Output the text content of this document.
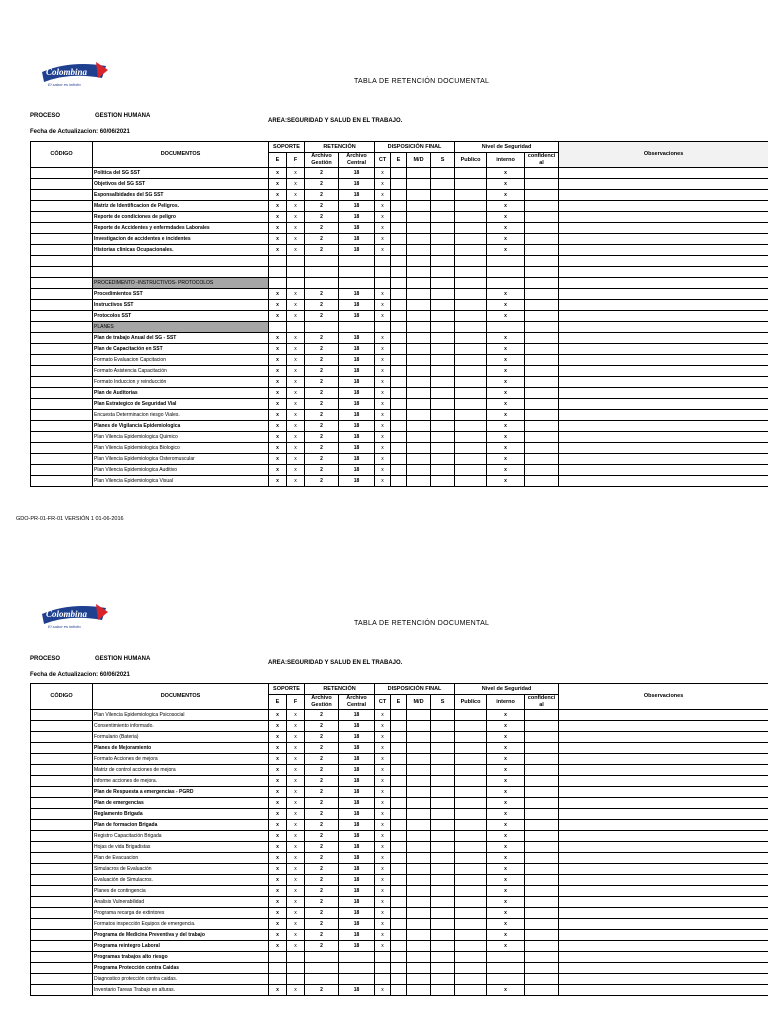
Colombina
El sabor es infinito	TABLA DE RETENCIÓN DOCUMENTAL
PROCESO	GESTION HUMANA
AREA:SEGURIDAD Y SALUD EN EL TRABAJO.
Fecha de Actualizacion: 60/06/2021
CÓDIGO	DOCUMENTOS	SOPORTE		RETENCIÓN		DISPOSICIÓN FINAL				Nivel de Seguridad			Observaciones
		E	F	Archivo Gestión	Archivo Central	CT	E	M/D	S	Publico	interno	confidenci al	
	Politica del SG SST	x	x	2	18	x					x		
	Objetivos del SG SST	x	x	2	18	x					x		
	Esponsalbidades del SG SST	x	x	2	18	x					x		
	Matriz de Identificacion de Peligros.	x	x	2	18	x					x		
	Reporte de condiciones de peligro	x	x	2	18	x					x		
	Reporte de Accidentes y enfermdades Laborales	x	x	2	18	x					x		
	Investigacion de accidentes e incidentes	x	x	2	18	x					x		
	Historias clinicas Ocupacionales.	x	x	2	18	x					x		

	PROCEDIMENTO -INSTRUCTIVOS- PROTOCOLOS												
	Procedimientos SST	x	x	2	18	x					x		
	Instructivos SST	x	x	2	18	x					x		
	Protocolos SST	x	x	2	18	x					x		
	PLANES												
	Plan de trabajo Anual del SG - SST	x	x	2	18	x					x		
	Plan de Capacitación en SST	x	x	2	18	x					x		
	Formato Evaluacion Capcitacion	x	x	2	18	x					x		
	Formato Asistencia Capacitación	x	x	2	18	x					x		
	Formato Induccion y reinducción	x	x	2	18	x					x		
	Plan de Auditorias	x	x	2	18	x					x		
	Plan Estrategico de Seguridad Vial	x	x	2	18	x					x		
	Encuesta Determinacion riesgo Viales.	x	x	2	18	x					x		
	Planes de Vigilancia Epidemiologica	x	x	2	18	x					x		
	Plan Vilencia Epidemiologica Quimico	x	x	2	18	x					x		
	Plan Vilencia Epidemiologica Biologico	x	x	2	18	x					x		
	Plan Vilencia Epidemiologica Osteromuscular	x	x	2	18	x					x		
	Plan Vilencia Epidemiologica Auditivo	x	x	2	18	x					x		
	Plan Vilencia Epidemiologica Visual	x	x	2	18	x					x		
GDO-PR-01-FR-01 VERSIÓN 1 01-06-2016
Colombina
El sabor es infinito	TABLA DE RETENCIÓN DOCUMENTAL
PROCESO	GESTION HUMANA
AREA:SEGURIDAD Y SALUD EN EL TRABAJO.
Fecha de Actualizacion: 60/06/2021
CÓDIGO	DOCUMENTOS	SOPORTE		RETENCIÓN		DISPOSICIÓN FINAL				Nivel de Seguridad			Observaciones
		E	F	Archivo Gestión	Archivo Central	CT	E	M/D	S	Publico	interno	confidenci al	
	Plan Vilencia Epidemiologica Psicosocial	x	x	2	18	x					x		
	Consentimiento informado.	x	x	2	18	x					x		
	Formulario (Bateria)	x	x	2	18	x					x		
	Planes de Mejoramiento	x	x	2	18	x					x		
	Formato Acciones de mejora	x	x	2	18	x					x		
	Matriz de control acciones de mejora	x	x	2	18	x					x		
	Informe acciones de mejora.	x	x	2	18	x					x		
	Plan de Respuesta a emergencias - PGRD	x	x	2	18	x					x		
	Plan de emergencias	x	x	2	18	x					x		
	Reglamento Brigada	x	x	2	18	x					x		
	Plan de formacion Brigada	x	x	2	18	x					x		
	Registro Capacitación Brigada	x	x	2	18	x					x		
	Hojas de vida Brigadistas	x	x	2	18	x					x		
	Plan de Evacuacion	x	x	2	18	x					x		
	Simulacros de Evaluación	x	x	2	18	x					x		
	Evaluación de Simulacros.	x	x	2	18	x					x		
	Planes de contingencia	x	x	2	18	x					x		
	Analisis Vulnerabilidad	x	x	2	18	x					x		
	Programa recarga de extintores	x	x	2	18	x					x		
	Formatos inspección Equipos de emergencia.	x	x	2	18	x					x		
	Programa de Medicina Preventiva y del trabajo	x	x	2	18	x					x		
	Programa reintegro Laboral	x	x	2	18	x					x		
	Programas trabajos alto riesgo												
	Programa Protección contra Caidas												
	Diagnostico protección contra caidas.												
	Inventario Tareas Trabajo en alturas.	x	x	2	18	x					x		
